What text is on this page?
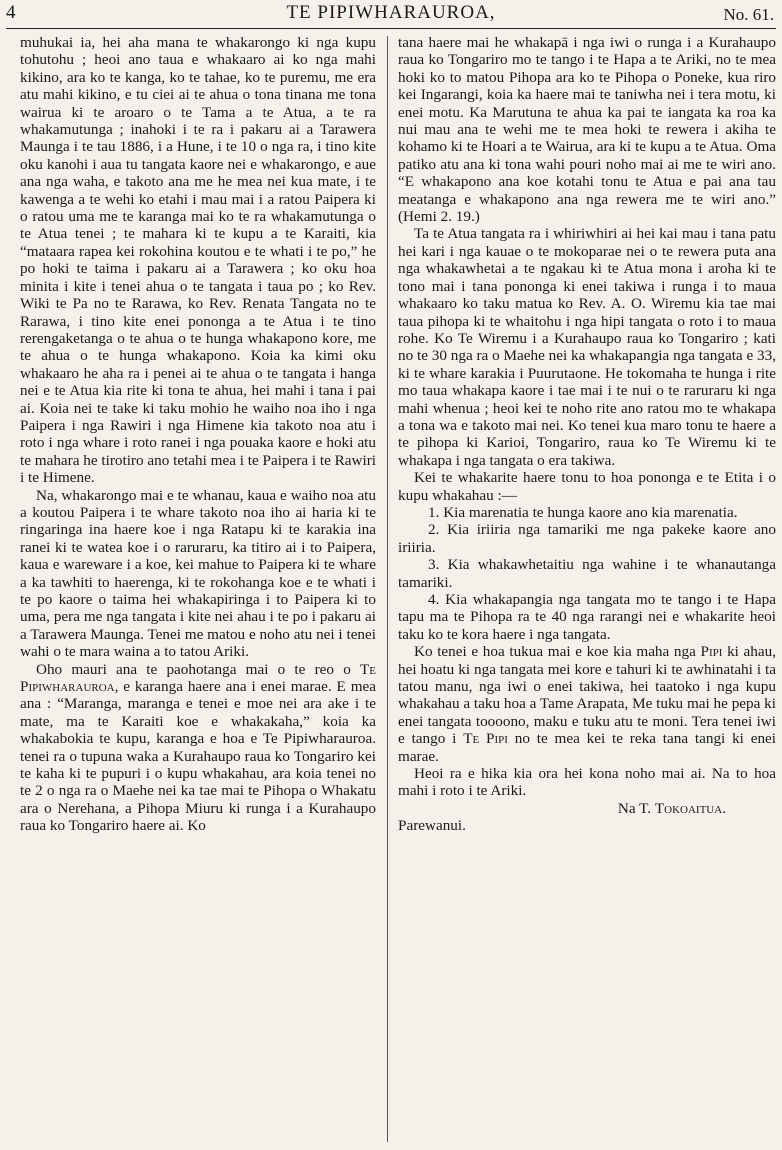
4	TE PIPIWHARAUROA,	No. 61.

muhukai ia, hei aha mana te whakarongo ki nga kupu tohutohu ; heoi ano taua e whakaaro ai ko nga mahi kikino, ara ko te kanga, ko te tahae, ko te puremu, me era atu mahi kikino, e tu ciei ai te ahua o tona tinana me tona wairua ki te aroaro o te Tama a te Atua, a te ra whakamutunga ; inahoki i te ra i pakaru ai a Tarawera Maunga i te tau 1886, i a Hune, i te 10 o nga ra, i tino kite oku kanohi i aua tu tangata kaore nei e whakarongo, e aue ana nga waha, e takoto ana me he mea nei kua mate, i te kawenga a te wehi ko etahi i mau mai i a ratou Paipera ki o ratou uma me te karanga mai ko te ra whakamutunga o te Atua tenei ; te mahara ki te kupu a te Karaiti, kia “mataara rapea kei rokohina koutou e te whati i te po,” he po hoki te taima i pakaru ai a Tarawera ; ko oku hoa minita i kite i tenei ahua o te tangata i taua po ; ko Rev. Wiki te Pa no te Rarawa, ko Rev. Renata Tangata no te Rarawa, i tino kite enei pononga a te Atua i te tino rerengaketanga o te ahua o te hunga whakapono kore, me te ahua o te hunga whakapono. Koia ka kimi oku whakaaro he aha ra i penei ai te ahua o te tangata i hanga nei e te Atua kia rite ki tona te ahua, hei mahi i tana i pai ai. Koia nei te take ki taku mohio he waiho noa iho i nga Paipera i nga Rawiri i nga Himene kia takoto noa atu i roto i nga whare i roto ranei i nga pouaka kaore e hoki atu te mahara he tirotiro ano tetahi mea i te Paipera i te Rawiri i te Himene.

Na, whakarongo mai e te whanau, kaua e waiho noa atu a koutou Paipera i te whare takoto noa iho ai haria ki te ringaringa ina haere koe i nga Ratapu ki te karakia ina ranei ki te wateа koe i o raruraru, ka titiro ai i to Paipera, kaua e wareware i a koe, kei mahue to Paipera ki te whare a ka tawhiti to haerenga, ki te rokohanga koe e te whati i te po kaore o taima hei whakapiringa i to Paipera ki to uma, pera me nga tangata i kite nei ahau i te po i pakaru ai a Tarawera Maunga. Tenei me matou e noho atu nei i tenei wahi o te mara waina a to tatou Ariki.

Oho mauri ana te paohotanga mai o te reo o Te Pipiwharauroa, e karanga haere ana i enei marae. E mea ana : “Maranga, maranga e tenei e moe nei ara ake i te mate, ma te Karaiti koe e whakakaha,” koia ka whakabokia te kupu, karanga e hoa e Te Pipiwharauroa. tenei ra o tupuna waka a Kurahaupo raua ko Tongariro kei te kaha ki te pupuri i o kupu whakahau, ara koia tenei no te 2 o nga ra o Maehe nei ka tae mai te Pihopa o Whakatu ara o Nerehana, a Pihopa Miuru ki runga i a Kurahaupo raua ko Tongariro haere ai. Ko

tana haere mai he whakapā i nga iwi o runga i a Kurahaupo raua ko Tongariro mo te tango i te Hapa a te Ariki, no te mea hoki ko to matou Pihopa ara ko te Pihopa o Poneke, kua riro kei Ingarangi, koia ka haere mai te taniwha nei i tera motu, ki enei motu. Ka Marutuna te ahua ka pai te iangata ka roa ka nui mau ana te wehi me te mea hoki te rewera i akiha te kohamo ki te Hoari a te Wairua, ara ki te kupu a te Atua. Oma patiko atu ana ki tona wahi pouri noho mai ai me te wiri ano. “E whakapono ana koe kotahi tonu te Atua e pai ana tau meatanga e whakapono ana nga rewera me te wiri ano.” (Hemi 2. 19.)

Ta te Atua tangata ra i whiriwhiri ai hei kai mau i tana patu hei kari i nga kauae o te mokoparae nei o te rewera puta ana nga whakawhetai a te ngakau ki te Atua mona i aroha ki te tono mai i tana pononga ki enei takiwa i runga i to maua whakaaro ko taku matua ko Rev. A. O. Wiremu kia tae mai taua pihopa ki te whaitohu i nga hipi tangata o roto i to maua rohe. Ko Te Wiremu i a Kurahaupo raua ko Tongariro ; kati no te 30 nga ra o Maehe nei ka whakapangia nga tangata e 33, ki te whare karakia i Puurutaone. He tokomaha te hunga i rite mo taua whakapa kaore i tae mai i te nui o te raruraru ki nga mahi whenua ; heoi kei te noho rite ano ratou mo te whakapa a tona wa e takoto mai nei. Ko tenei kua maro tonu te haere a te pihopa ki Karioi, Tongariro, raua ko Te Wiremu ki te whakapa i nga tangata o era takiwa.

Kei te whakarite haere tonu to hoa pononga e te Etita i o kupu whakahau :—

1. Kia marenatia te hunga kaore ano kia marenatia.

2. Kia iriiria nga tamariki me nga pakeke kaore ano iriiria.

3. Kia whakawhetaitiu nga wahine i te whanautanga tamariki.

4. Kia whakapangia nga tangata mo te tango i te Hapa tapu ma te Pihopa ra te 40 nga rarangi nei e whakarite heoi taku ko te kora haere i nga tangata.

Ko tenei e hoa tukua mai e koe kia maha nga Pipi ki ahau, hei hoatu ki nga tangata mei kore e tahuri ki te awhinatahi i ta tatou manu, nga iwi o enei takiwa, hei taatoko i nga kupu whakahau a taku hoa a Tame Arapata, Me tuku mai he pepa ki enei tangata toooono, maku e tuku atu te moni. Tera tenei iwi e tango i Te Pipi no te mea kei te reka tana tangi ki enei marae.

Heoi ra e hika kia ora hei kona noho mai ai. Na to hoa mahi i roto i te Ariki.

Na T. Tokoaitua.

Parewanui.
